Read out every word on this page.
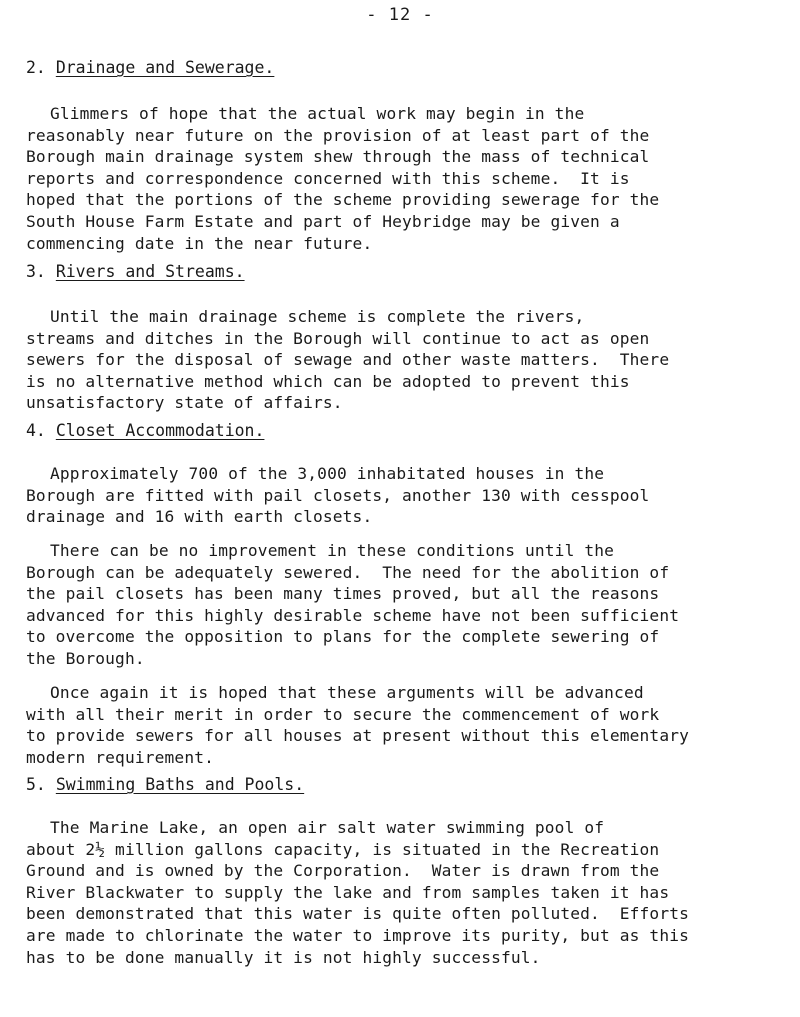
- 12 -
2. Drainage and Sewerage.
Glimmers of hope that the actual work may begin in the
reasonably near future on the provision of at least part of the
Borough main drainage system shew through the mass of technical
reports and correspondence concerned with this scheme.  It is
hoped that the portions of the scheme providing sewerage for the
South House Farm Estate and part of Heybridge may be given a
commencing date in the near future.
3. Rivers and Streams.
Until the main drainage scheme is complete the rivers,
streams and ditches in the Borough will continue to act as open
sewers for the disposal of sewage and other waste matters.  There
is no alternative method which can be adopted to prevent this
unsatisfactory state of affairs.
4. Closet Accommodation.
Approximately 700 of the 3,000 inhabitated houses in the
Borough are fitted with pail closets, another 130 with cesspool
drainage and 16 with earth closets.
There can be no improvement in these conditions until the
Borough can be adequately sewered.  The need for the abolition of
the pail closets has been many times proved, but all the reasons
advanced for this highly desirable scheme have not been sufficient
to overcome the opposition to plans for the complete sewering of
the Borough.
Once again it is hoped that these arguments will be advanced
with all their merit in order to secure the commencement of work
to provide sewers for all houses at present without this elementary
modern requirement.
5. Swimming Baths and Pools.
The Marine Lake, an open air salt water swimming pool of
about 2½ million gallons capacity, is situated in the Recreation
Ground and is owned by the Corporation.  Water is drawn from the
River Blackwater to supply the lake and from samples taken it has
been demonstrated that this water is quite often polluted.  Efforts
are made to chlorinate the water to improve its purity, but as this
has to be done manually it is not highly successful.
